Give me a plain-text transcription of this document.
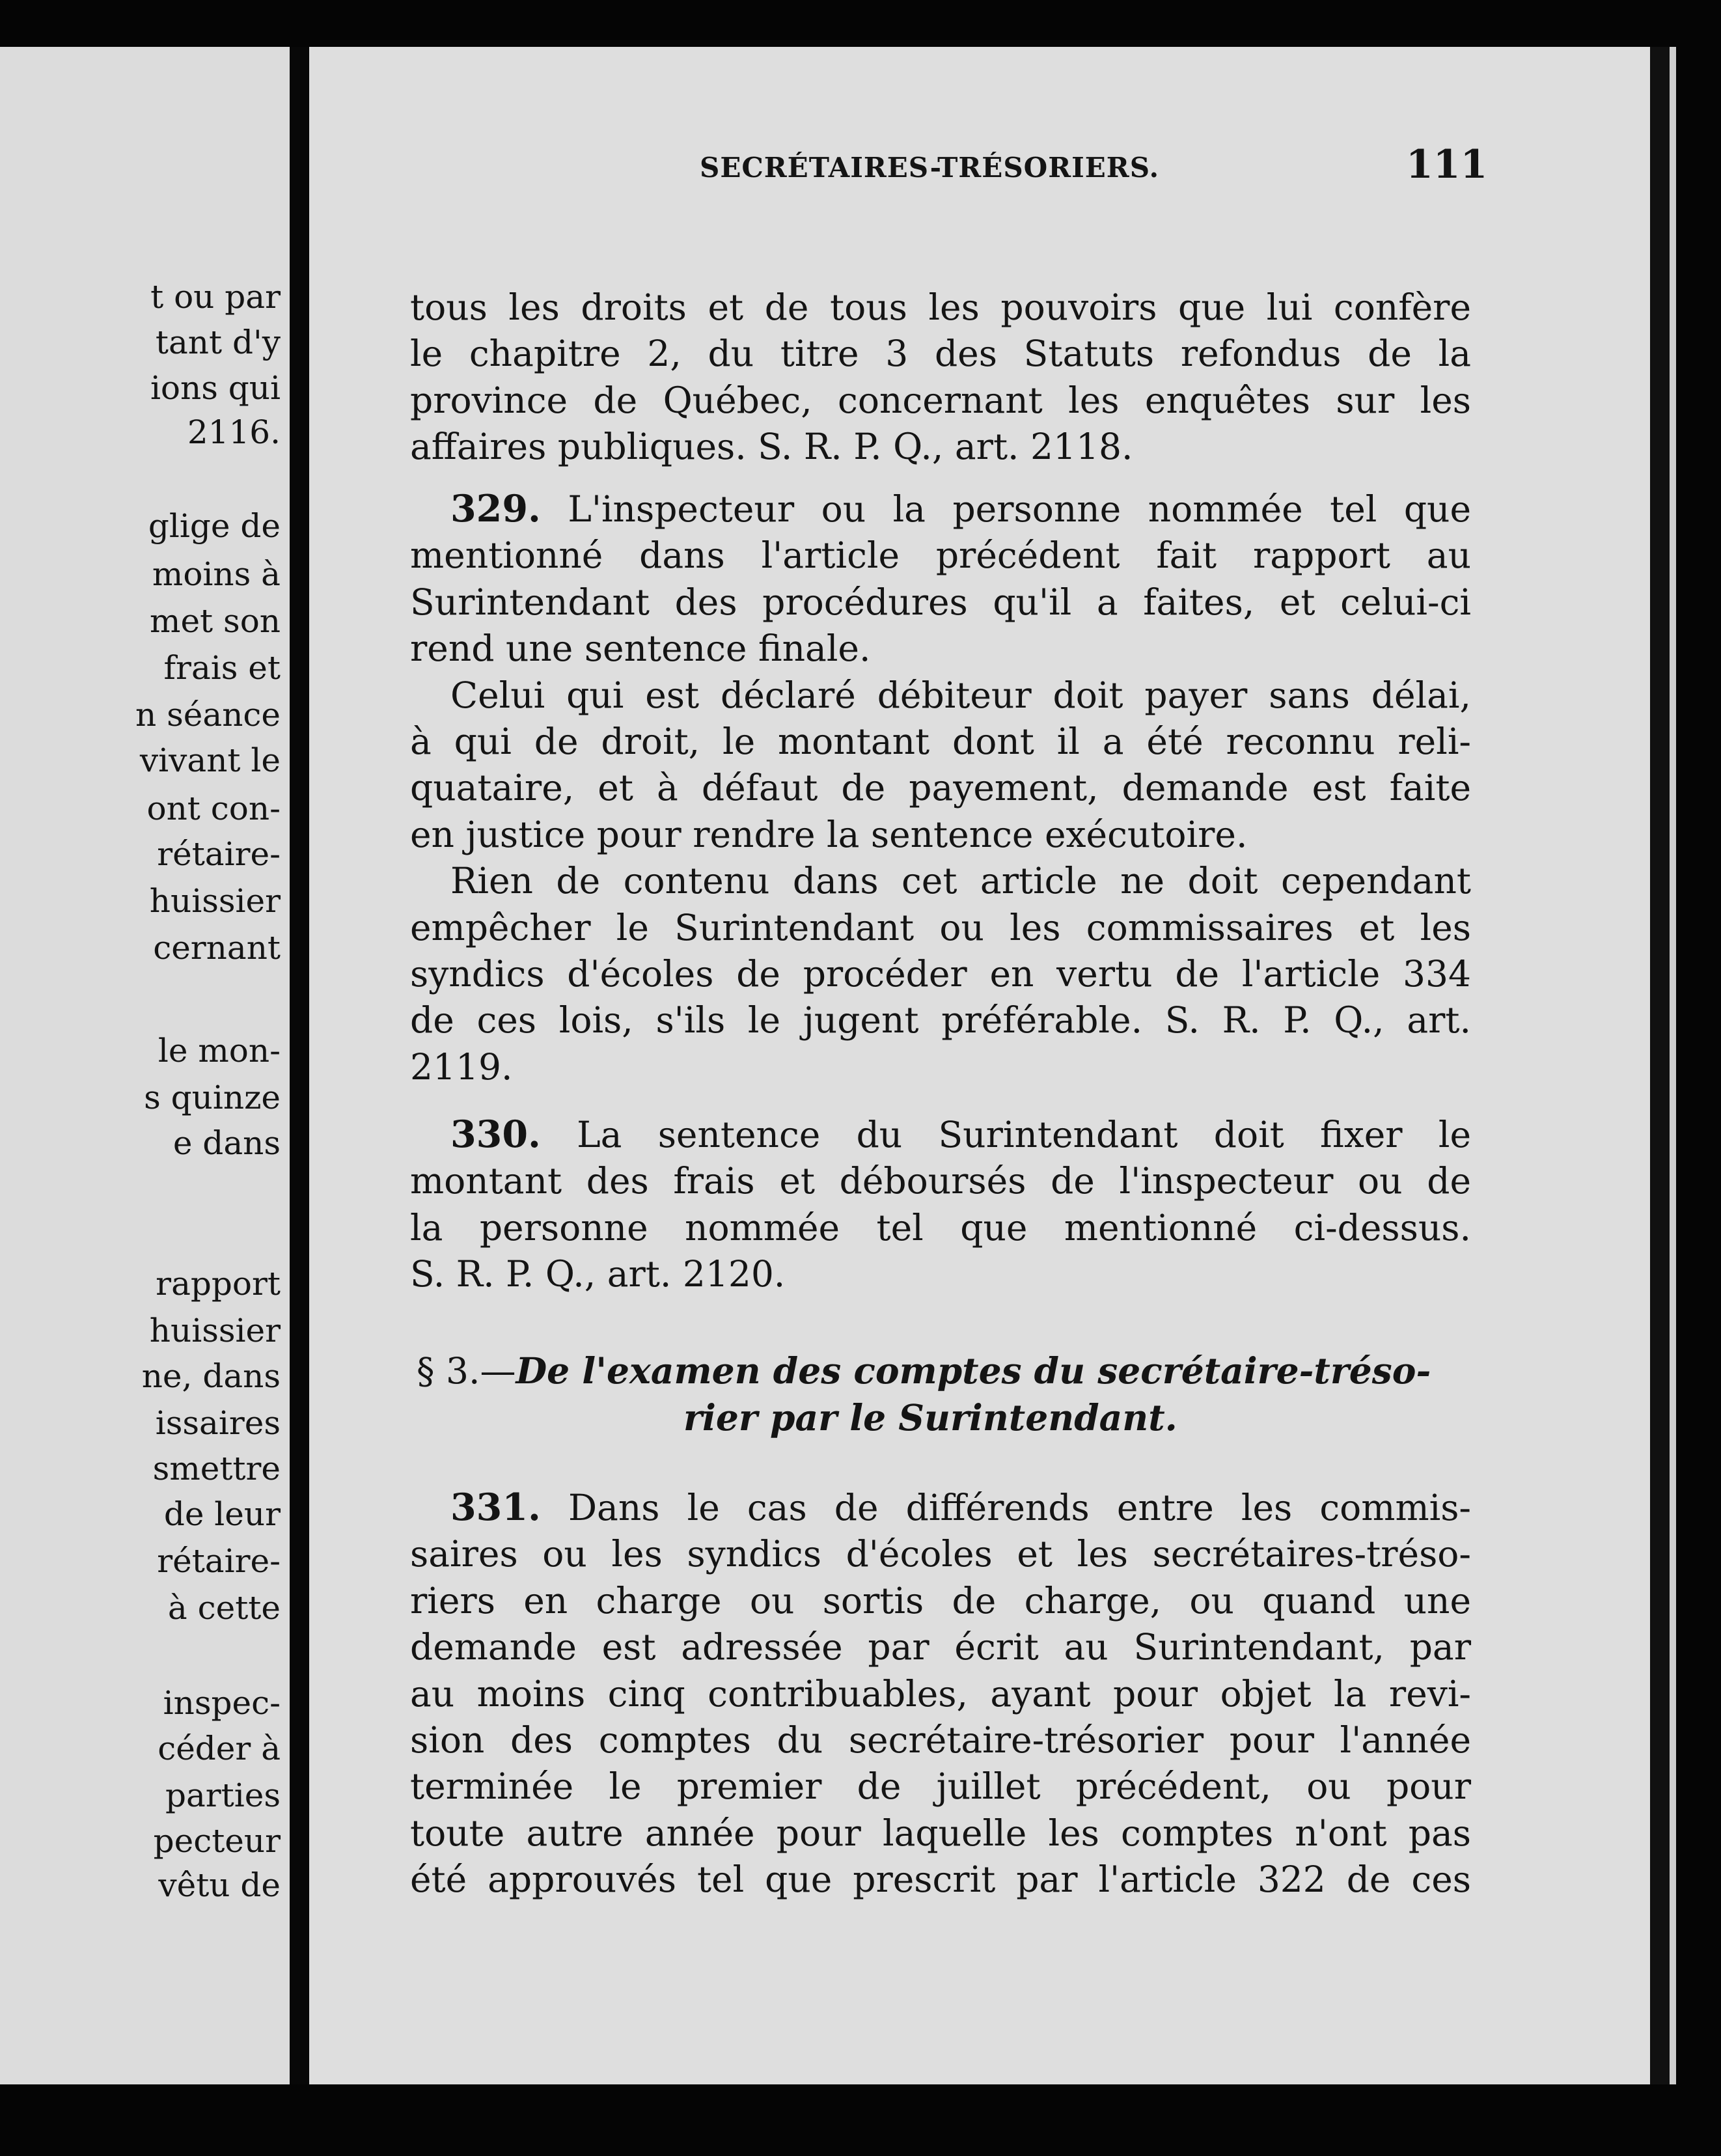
t ou par
tant d'y
ions qui
2116.
glige de
moins à
met son
frais et
n séance
vivant le
ont con-
rétaire-
huissier
cernant
le mon-
s quinze
e dans
rapport
huissier
ne, dans
issaires
smettre
de leur
rétaire-
à cette
inspec-
céder à
parties
pecteur
vêtu de
SECRÉTAIRES-TRÉSORIERS.	111
tous les droits et de tous les pouvoirs que lui confère
le chapitre 2, du titre 3 des Statuts refondus de la
province de Québec, concernant les enquêtes sur les
affaires publiques. S. R. P. Q., art. 2118.
329. L'inspecteur ou la personne nommée tel que
mentionné dans l'article précédent fait rapport au
Surintendant des procédures qu'il a faites, et celui-ci
rend une sentence finale.
Celui qui est déclaré débiteur doit payer sans délai,
à qui de droit, le montant dont il a été reconnu reli-
quataire, et à défaut de payement, demande est faite
en justice pour rendre la sentence exécutoire.
Rien de contenu dans cet article ne doit cependant
empêcher le Surintendant ou les commissaires et les
syndics d'écoles de procéder en vertu de l'article 334
de ces lois, s'ils le jugent préférable. S. R. P. Q., art.
2119.
330. La sentence du Surintendant doit fixer le
montant des frais et déboursés de l'inspecteur ou de
la personne nommée tel que mentionné ci-dessus.
S. R. P. Q., art. 2120.
§ 3.—De l'examen des comptes du secrétaire-tréso-
rier par le Surintendant.
331. Dans le cas de différends entre les commis-
saires ou les syndics d'écoles et les secrétaires-tréso-
riers en charge ou sortis de charge, ou quand une
demande est adressée par écrit au Surintendant, par
au moins cinq contribuables, ayant pour objet la revi-
sion des comptes du secrétaire-trésorier pour l'année
terminée le premier de juillet précédent, ou pour
toute autre année pour laquelle les comptes n'ont pas
été approuvés tel que prescrit par l'article 322 de ces
